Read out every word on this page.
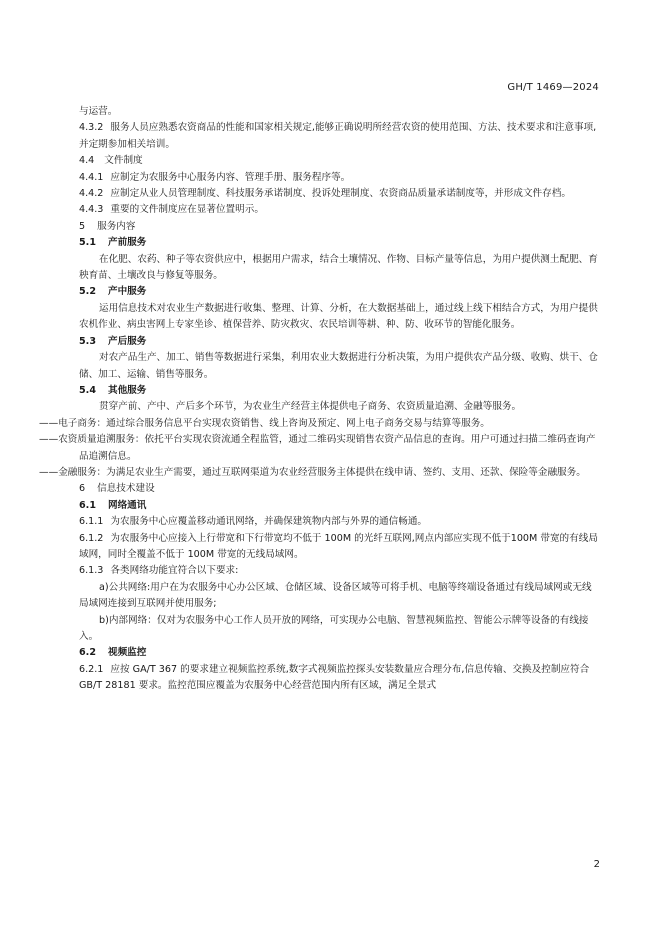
GH/T 1469—2024

与运营。

4.3.2 服务人员应熟悉农资商品的性能和国家相关规定,能够正确说明所经营农资的使用范围、方法、技术要求和注意事项,并定期参加相关培训。

4.4 文件制度

4.4.1 应制定为农服务中心服务内容、管理手册、服务程序等。

4.4.2 应制定从业人员管理制度、科技服务承诺制度、投诉处理制度、农资商品质量承诺制度等，并形成文件存档。

4.4.3 重要的文件制度应在显著位置明示。

5 服务内容

5.1 产前服务

在化肥、农药、种子等农资供应中，根据用户需求，结合土壤情况、作物、目标产量等信息，为用户提供测土配肥、育秧育苗、土壤改良与修复等服务。

5.2 产中服务

运用信息技术对农业生产数据进行收集、整理、计算、分析，在大数据基础上，通过线上线下相结合方式，为用户提供农机作业、病虫害网上专家坐诊、植保营养、防灾救灾、农民培训等耕、种、防、收环节的智能化服务。

5.3 产后服务

对农产品生产、加工、销售等数据进行采集，利用农业大数据进行分析决策，为用户提供农产品分级、收购、烘干、仓储、加工、运输、销售等服务。

5.4 其他服务

贯穿产前、产中、产后多个环节，为农业生产经营主体提供电子商务、农资质量追溯、金融等服务。

——电子商务：通过综合服务信息平台实现农资销售、线上咨询及预定、网上电子商务交易与结算等服务。

——农资质量追溯服务：依托平台实现农资流通全程监管，通过二维码实现销售农资产品信息的查询。用户可通过扫描二维码查询产品追溯信息。

——金融服务：为满足农业生产需要，通过互联网渠道为农业经营服务主体提供在线申请、签约、支用、还款、保险等金融服务。

6 信息技术建设

6.1 网络通讯

6.1.1 为农服务中心应覆盖移动通讯网络，并确保建筑物内部与外界的通信畅通。

6.1.2 为农服务中心应接入上行带宽和下行带宽均不低于 100M 的光纤互联网,网点内部应实现不低于100M 带宽的有线局域网，同时全覆盖不低于 100M 带宽的无线局域网。

6.1.3 各类网络功能宜符合以下要求:

a)公共网络:用户在为农服务中心办公区域、仓储区域、设备区域等可将手机、电脑等终端设备通过有线局域网或无线局域网连接到互联网并使用服务;

b)内部网络：仅对为农服务中心工作人员开放的网络，可实现办公电脑、智慧视频监控、智能公示牌等设备的有线接入。

6.2 视频监控

6.2.1 应按 GA/T 367 的要求建立视频监控系统,数字式视频监控探头安装数量应合理分布,信息传输、交换及控制应符合 GB/T 28181 要求。监控范围应覆盖为农服务中心经营范围内所有区域，满足全景式

2
